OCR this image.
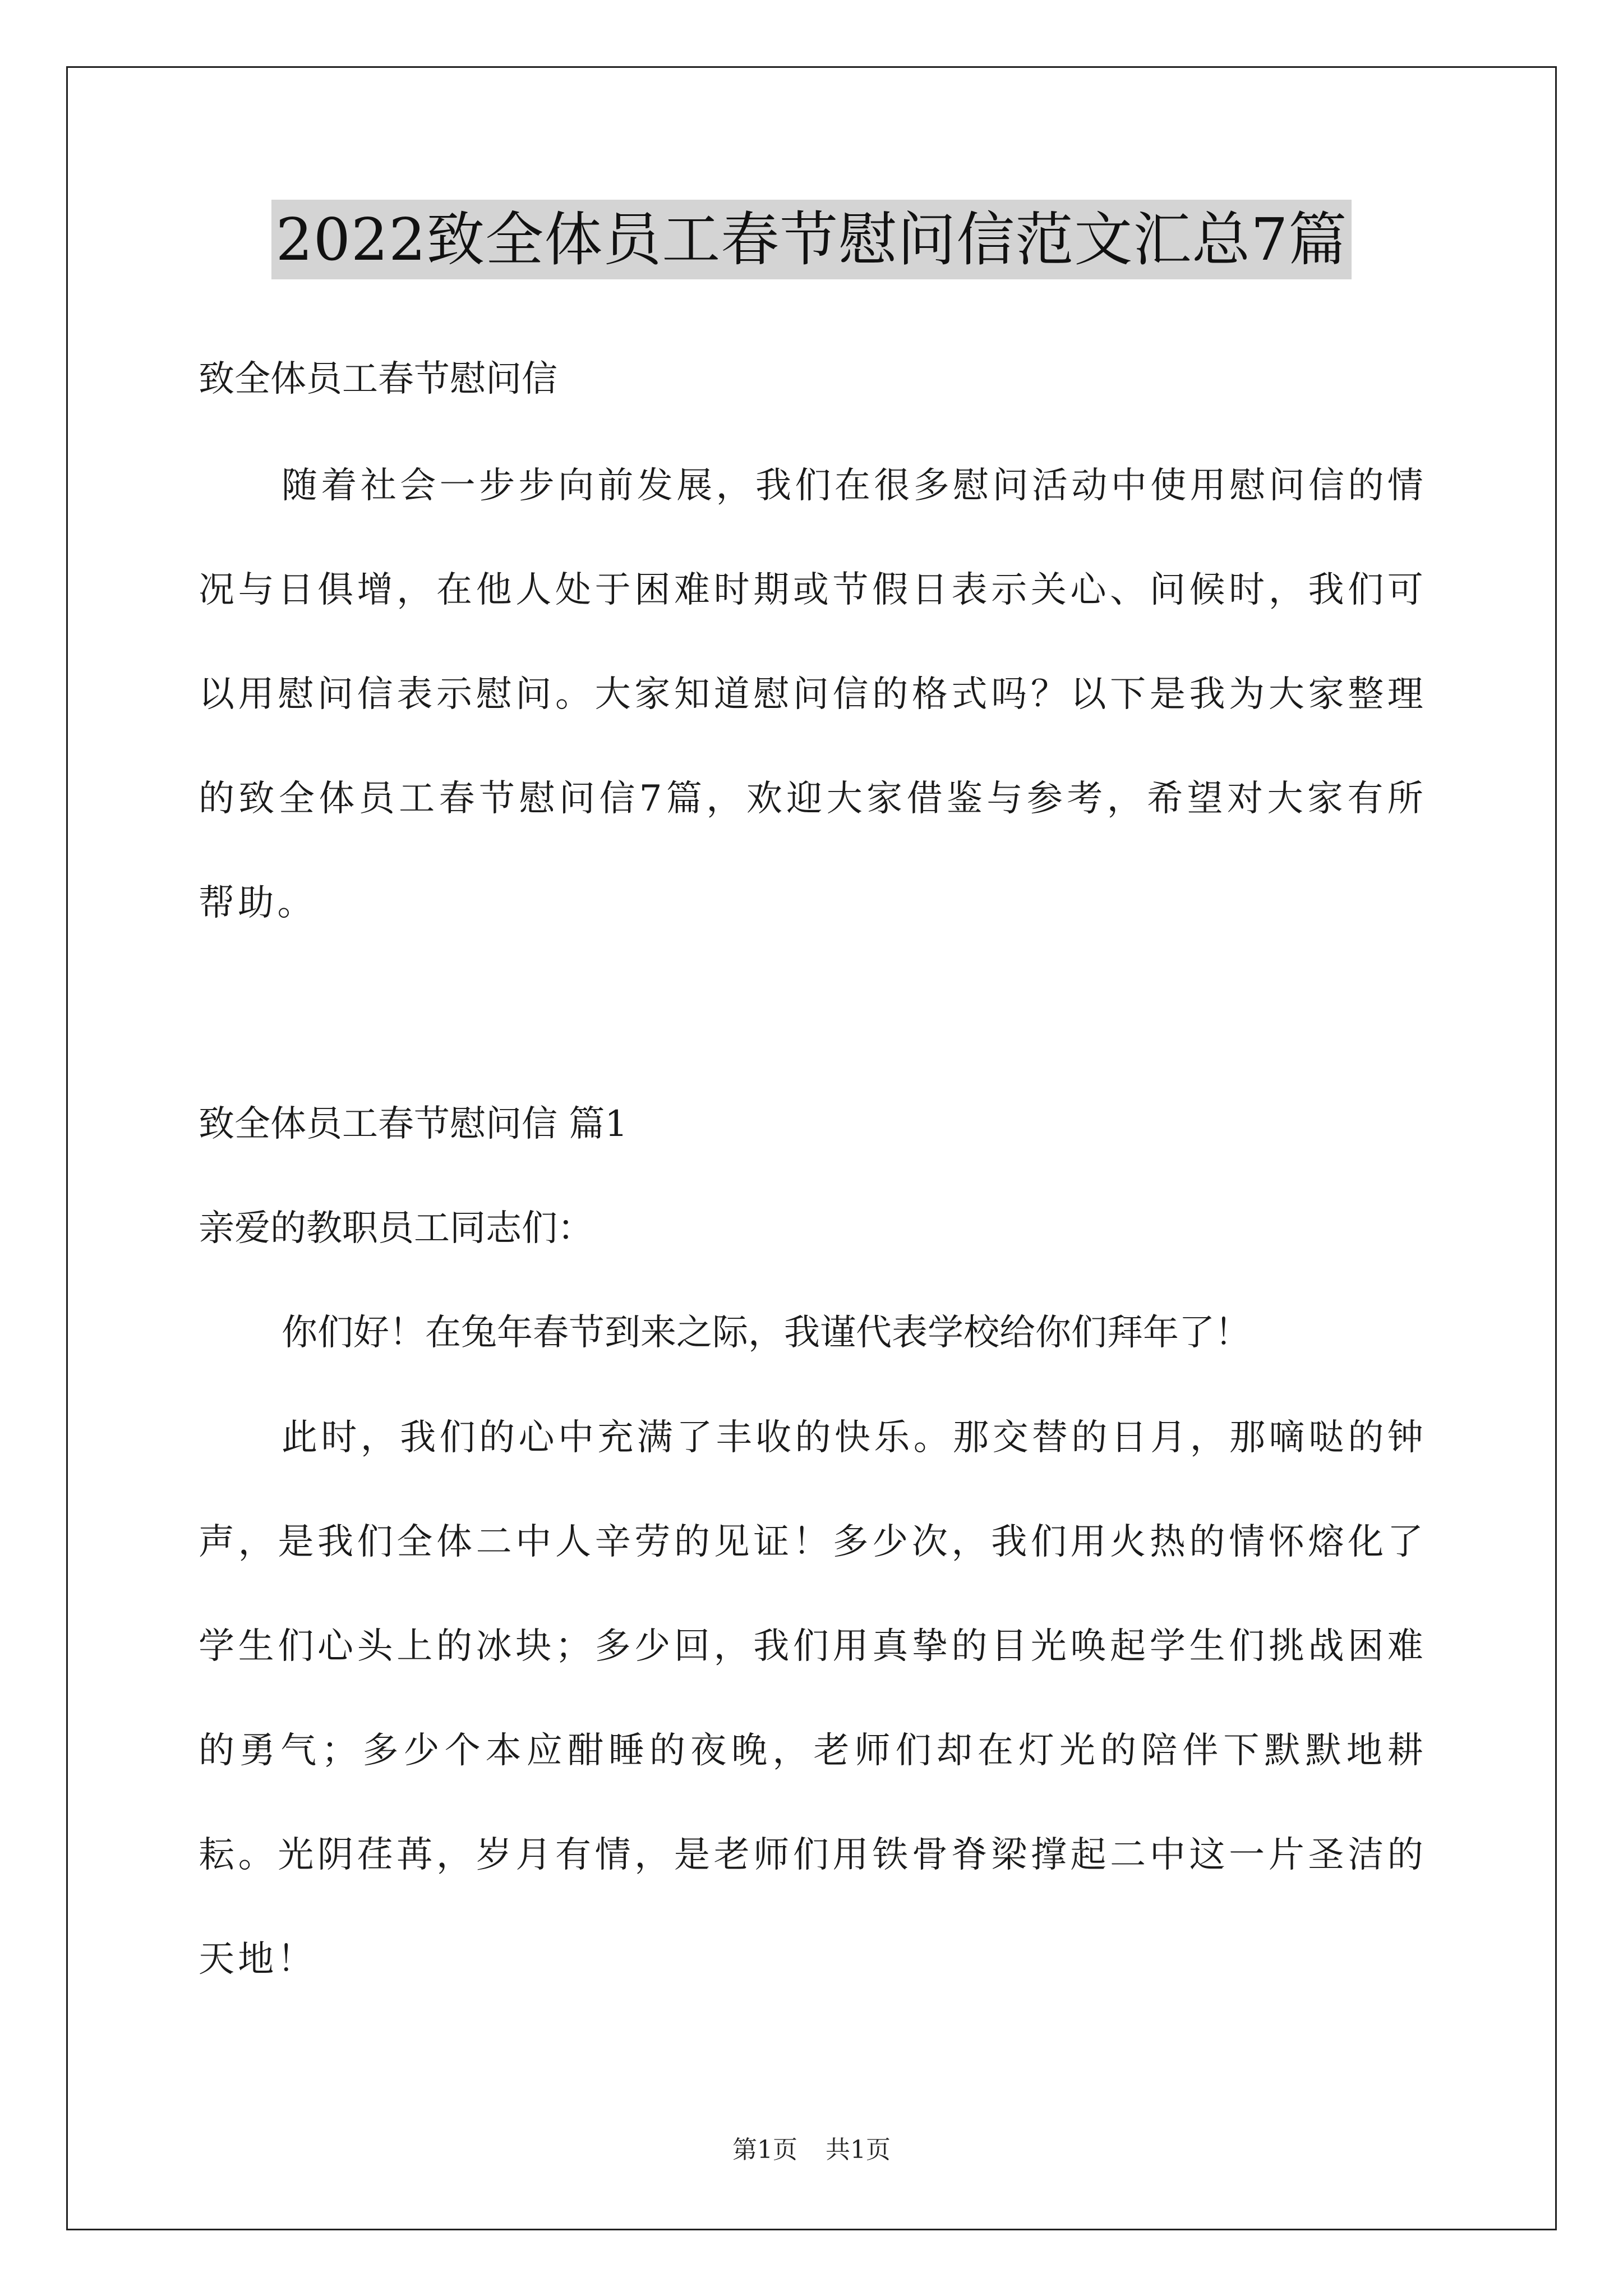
2022致全体员工春节慰问信范文汇总7篇
致全体员工春节慰问信
随着社会一步步向前发展，我们在很多慰问活动中使用慰问信的情况与日俱增，在他人处于困难时期或节假日表示关心、问候时，我们可以用慰问信表示慰问。大家知道慰问信的格式吗？以下是我为大家整理的致全体员工春节慰问信7篇，欢迎大家借鉴与参考，希望对大家有所帮助。
致全体员工春节慰问信 篇1
亲爱的教职员工同志们：
你们好！在兔年春节到来之际，我谨代表学校给你们拜年了！
此时，我们的心中充满了丰收的快乐。那交替的日月，那嘀哒的钟声，是我们全体二中人辛劳的见证！多少次，我们用火热的情怀熔化了学生们心头上的冰块；多少回，我们用真挚的目光唤起学生们挑战困难的勇气；多少个本应酣睡的夜晚，老师们却在灯光的陪伴下默默地耕耘。光阴荏苒，岁月有情，是老师们用铁骨脊梁撑起二中这一片圣洁的天地！
第1页 共1页
